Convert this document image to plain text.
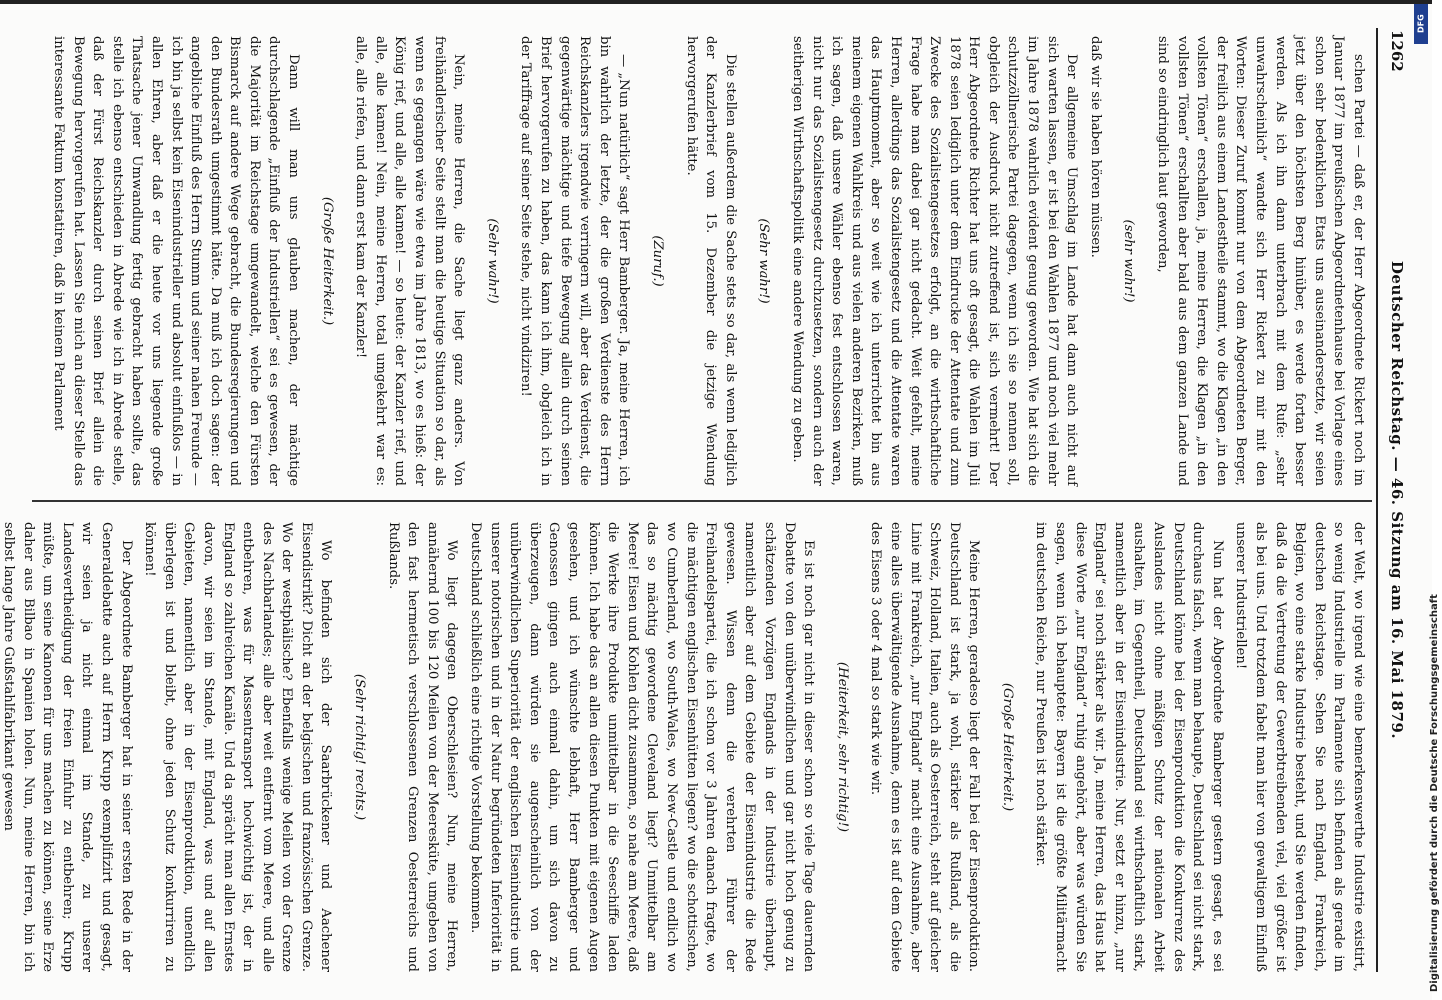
1262
Deutscher Reichstag. — 46. Sitzung am 16. Mai 1879.

schen Partei — daß er, der Herr Abgeordnete Rickert noch im Januar 1877 im preußischen Abgeordnetenhause bei Vorlage eines schon sehr bedenklichen Etats uns auseinandersetzte, wir seien jetzt über den höchsten Berg hinüber, es werde fortan besser werden. Als ich ihn dann unterbrach mit dem Rufe: „sehr unwahrscheinlich“ wandte sich Herr Rickert zu mir mit den Worten: Dieser Zuruf kommt nur von dem Abgeordneten Berger, der freilich aus einem Landestheile stammt, wo die Klagen „in den vollsten Tönen“ erschallen, ja, meine Herren, die Klagen „in den vollsten Tönen“ erschallten aber bald aus dem ganzen Lande und sind so eindringlich laut geworden,

(sehr wahr!)

daß wir sie haben hören müssen.

Der allgemeine Umschlag im Lande hat dann auch nicht auf sich warten lassen, er ist bei den Wahlen 1877 und noch viel mehr im Jahre 1878 wahrlich evident genug geworden. Wie hat sich die schutzzöllnerische Partei dagegen, wenn ich sie so nennen soll, obgleich der Ausdruck nicht zutreffend ist, sich vermehrt! Der Herr Abgeordnete Richter hat uns oft gesagt, die Wahlen im Juli 1878 seien lediglich unter dem Eindrucke der Attentate und zum Zwecke des Sozialistengesetzes erfolgt, an die wirthschaftliche Frage habe man dabei gar nicht gedacht. Weit gefehlt, meine Herren, allerdings das Sozialistengesetz und die Attentate waren das Hauptmoment, aber so weit wie ich unterrichtet bin aus meinem eigenen Wahlkreis und aus vielen anderen Bezirken, muß ich sagen, daß unsere Wähler ebenso fest entschlossen waren, nicht nur das Sozialistengesetz durchzusetzen, sondern auch der seitherigen Wirthschaftspolitik eine andere Wendung zu geben.

(Sehr wahr!)

Die stellen außerdem die Sache stets so dar, als wenn lediglich der Kanzlerbrief vom 15. Dezember die jetzige Wendung hervorgerufen hätte.

(Zuruf.)

— „Nun natürlich“ sagt Herr Bamberger. Ja, meine Herren, ich bin wahrlich der letzte, der die großen Verdienste des Herrn Reichskanzlers irgendwie verringern will, aber das Verdienst, die gegenwärtige mächtige und tiefe Bewegung allein durch seinen Brief hervorgerufen zu haben, das kann ich ihm, obgleich ich in der Tariffrage auf seiner Seite stehe, nicht vindiziren!

(Sehr wahr!)

Nein, meine Herren, die Sache liegt ganz anders. Von freihändlerischer Seite stellt man die heutige Situation so dar, als wenn es gegangen wäre wie etwa im Jahre 1813, wo es hieß: der König rief, und alle, alle kamen! — so heute: der Kanzler rief, und alle, alle kamen! Nein, meine Herren, total umgekehrt war es: alle, alle riefen, und dann erst kam der Kanzler!

(Große Heiterkeit.)

Dann will man uns glauben machen, der mächtige durchschlagende „Einfluß der Industriellen“ sei es gewesen, der die Majorität im Reichstage umgewandelt, welche den Fürsten Bismarck auf andere Wege gebracht, die Bundesregierungen und den Bundesrath umgestimmt hätte. Da muß ich doch sagen: der angebliche Einfluß des Herrn Stumm und seiner nahen Freunde — ich bin ja selbst kein Eisenindustrieller und absolut einflußlos — in allen Ehren, aber daß er die heute vor uns liegende große Thatsache jener Umwandlung fertig gebracht haben sollte, das stelle ich ebenso entschieden in Abrede wie ich in Abrede stelle, daß der Fürst Reichskanzler durch seinen Brief allein die Bewegung hervorgerufen hat. Lassen Sie mich an dieser Stelle das interessante Faktum konstatiren, daß in keinem Parlament

der Welt, wo irgend wie eine bemerkenswerthe Industrie existirt, so wenig Industrielle im Parlamente sich befinden als gerade im deutschen Reichstage. Sehen Sie nach England, Frankreich, Belgien, wo eine starke Industrie besteht, und Sie werden finden, daß da die Vertretung der Gewerbtreibenden viel, viel größer ist als bei uns. Und trotzdem fabelt man hier von gewaltigem Einfluß unserer Industriellen!

Nun hat der Abgeordnete Bamberger gestern gesagt, es sei durchaus falsch, wenn man behaupte, Deutschland sei nicht stark, Deutschland könne bei der Eisenproduktion die Konkurrenz des Auslandes nicht ohne mäßigen Schutz der nationalen Arbeit aushalten, im Gegentheil, Deutschland sei wirthschaftlich stark, namentlich aber in der Eisenindustrie. Nur, setzt er hinzu, „nur England“ sei noch stärker als wir. Ja, meine Herren, das Haus hat diese Worte „nur England“ ruhig angehört, aber was würden Sie sagen, wenn ich behauptete: Bayern ist die größte Militärmacht im deutschen Reiche, nur Preußen ist noch stärker.

(Große Heiterkeit.)

Meine Herren, geradeso liegt der Fall bei der Eisenproduktion. Deutschland ist stark, ja wohl, stärker als Rußland, als die Schweiz, Holland, Italien, auch als Oesterreich, steht auf gleicher Linie mit Frankreich, „nur England“ macht eine Ausnahme, aber eine alles überwältigende Ausnahme, denn es ist auf dem Gebiete des Eisens 3 oder 4 mal so stark wie wir.

(Heiterkeit, sehr richtig!)

Es ist noch gar nicht in dieser schon so viele Tage dauernden Debatte von den unüberwindlichen und gar nicht hoch genug zu schätzenden Vorzügen Englands in der Industrie überhaupt, namentlich aber auf dem Gebiete der Eisenindustrie die Rede gewesen. Wissen denn die verehrten Führer der Freihandelspartei, die ich schon vor 3 Jahren danach fragte, wo die mächtigen englischen Eisenhütten liegen? wo die schottischen, wo Cumberland, wo South-Wales, wo New-Castle und endlich wo das so mächtig gewordene Cleveland liegt? Unmittelbar am Meere! Eisen und Kohlen dicht zusammen, so nahe am Meere, daß die Werke ihre Produkte unmittelbar in die Seeschiffe laden können. Ich habe das an allen diesen Punkten mit eigenen Augen gesehen, und ich wünschte lebhaft, Herr Bamberger und Genossen gingen auch einmal dahin, um sich davon zu überzeugen, dann würden sie augenscheinlich von der unüberwindlichen Superiorität der englischen Eisenindustrie und unserer notorischen und in der Natur begründeten Inferiorität in Deutschland schließlich eine richtige Vorstellung bekommen.

Wo liegt dagegen Oberschlesien? Nun, meine Herren, annähernd 100 bis 120 Meilen von der Meeresküte, umgeben von den fast hermetisch verschlossenen Grenzen Oesterreichs und Rußlands.

(Sehr richtig! rechts.)

Wo befinden sich der Saarbrückener und Aachener Eisendistrikt? Dicht an der belgischen und französischen Grenze. Wo der westphälische? Ebenfalls wenige Meilen von der Grenze des Nachbarlandes; alle aber weit entfernt vom Meere, und alle entbehren, was für Massentransport hochwichtig ist, der in England so zahlreichen Kanäle. Und da sprächt man allen Ernstes davon, wir seien im Stande, mit England, was und auf allen Gebieten, namentlich aber in der Eisenproduktion, unendlich überlegen ist und bleibt, ohne jeden Schutz konkurriren zu können!

Der Abgeordnete Bamberger hat in seiner ersten Rede in der Generaldebatte auch auf Herrn Krupp exemplifizirt und gesagt, wir seien ja nicht einmal im Stande, zu unserer Landesvertheidigung der freien Einfuhr zu entbehren; Krupp müßte, um seine Kanonen für uns machen zu können, seine Erze daher aus Bilbao in Spanien holen. Nun, meine Herren, bin ich selbst lange Jahre Gußstahlfabrikant gewesen

DFG
Digitalisierung gefördert durch die Deutsche Forschungsgemeinschaft
